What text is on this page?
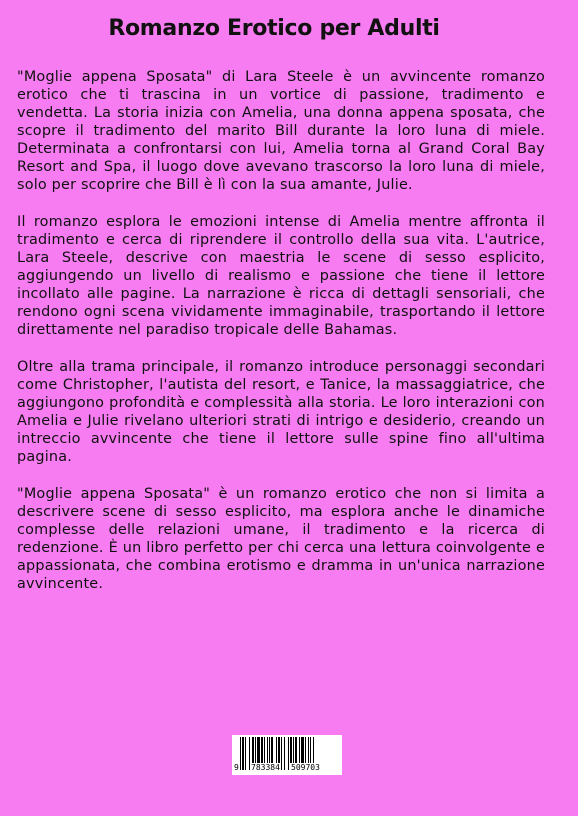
Romanzo Erotico per Adulti

"Moglie appena Sposata" di Lara Steele è un avvincente romanzo erotico che ti trascina in un vortice di passione, tradimento e vendetta. La storia inizia con Amelia, una donna appena sposata, che scopre il tradimento del marito Bill durante la loro luna di miele. Determinata a confrontarsi con lui, Amelia torna al Grand Coral Bay Resort and Spa, il luogo dove avevano trascorso la loro luna di miele, solo per scoprire che Bill è lì con la sua amante, Julie.

Il romanzo esplora le emozioni intense di Amelia mentre affronta il tradimento e cerca di riprendere il controllo della sua vita. L'autrice, Lara Steele, descrive con maestria le scene di sesso esplicito, aggiungendo un livello di realismo e passione che tiene il lettore incollato alle pagine. La narrazione è ricca di dettagli sensoriali, che rendono ogni scena vividamente immaginabile, trasportando il lettore direttamente nel paradiso tropicale delle Bahamas.

Oltre alla trama principale, il romanzo introduce personaggi secondari come Christopher, l'autista del resort, e Tanice, la massaggiatrice, che aggiungono profondità e complessità alla storia. Le loro interazioni con Amelia e Julie rivelano ulteriori strati di intrigo e desiderio, creando un intreccio avvincente che tiene il lettore sulle spine fino all'ultima pagina.

"Moglie appena Sposata" è un romanzo erotico che non si limita a descrivere scene di sesso esplicito, ma esplora anche le dinamiche complesse delle relazioni umane, il tradimento e la ricerca di redenzione. È un libro perfetto per chi cerca una lettura coinvolgente e appassionata, che combina erotismo e dramma in un'unica narrazione avvincente.

9 783384 509703
